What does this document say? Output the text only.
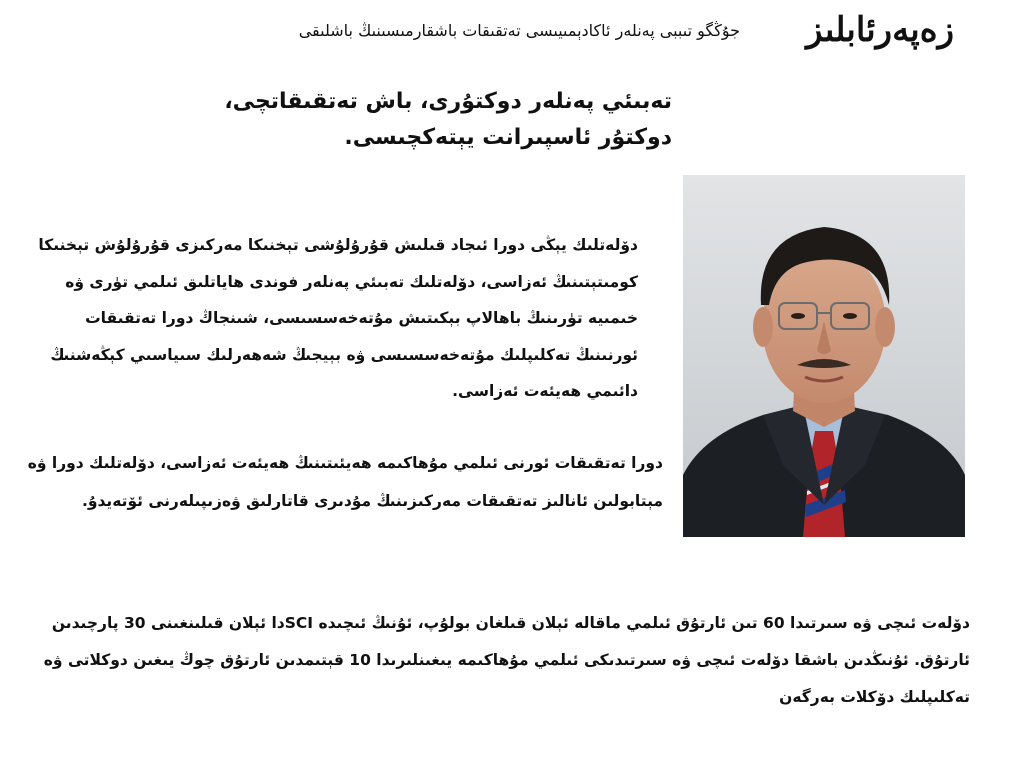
زەپەرئابلىز
جۇڭگو تىببى پەنلەر ئاكادېمىيىسى تەتقىقات باشقارمىسىنىڭ باشلىقى
تەبىئي پەنلەر دوكتۇرى، باش تەتقىقاتچى،
دوكتۇر ئاسپىرانت يېتەكچىسى.
دۆلەتلىك يېڭى دورا ئىجاد قىلىش قۇرۇلۇشى تېخنىكا مەركىزى قۇرۇلۇش تېخنىكا
كومىتېتىنىڭ ئەزاسى، دۆلەتلىك تەبىئي پەنلەر فوندى ھاياتلىق ئىلمي تۈرى ۋە
خىمىيە تۈرىنىڭ باھالاپ بېكىتىش مۇتەخەسسىسى، شىنجاڭ دورا تەتقىقات
ئورنىنىڭ تەكلىپلىك مۇتەخەسسىسى ۋە بېيجىڭ شەھەرلىك سىياسىي كېڭەشنىڭ
دائىمي ھەيئەت ئەزاسى.
دورا تەتقىقات ئورنى ئىلمي مۇھاكىمە ھەيئىتىنىڭ ھەيئەت ئەزاسى، دۆلەتلىك دورا ۋە
مېتابولىن ئانالىز تەتقىقات مەركىزىنىڭ مۇدىرى قاتارلىق ۋەزىپىلەرنى ئۆتەيدۇ.
دۆلەت ئىچى ۋە سىرتىدا 60 تىن ئارتۇق ئىلمي ماقالە ئېلان قىلغان بولۇپ، ئۇنىڭ ئىچىدە SCIدا ئېلان قىلىنغىنى 30 پارچىدىن
ئارتۇق. ئۇنىڭدىن باشقا دۆلەت ئىچى ۋە سىرتىدىكى ئىلمي مۇھاكىمە يىغىنلىرىدا 10 قېتىمدىن ئارتۇق چوڭ يىغىن دوكلاتى ۋە
تەكلىپلىك دۆكلات بەرگەن
